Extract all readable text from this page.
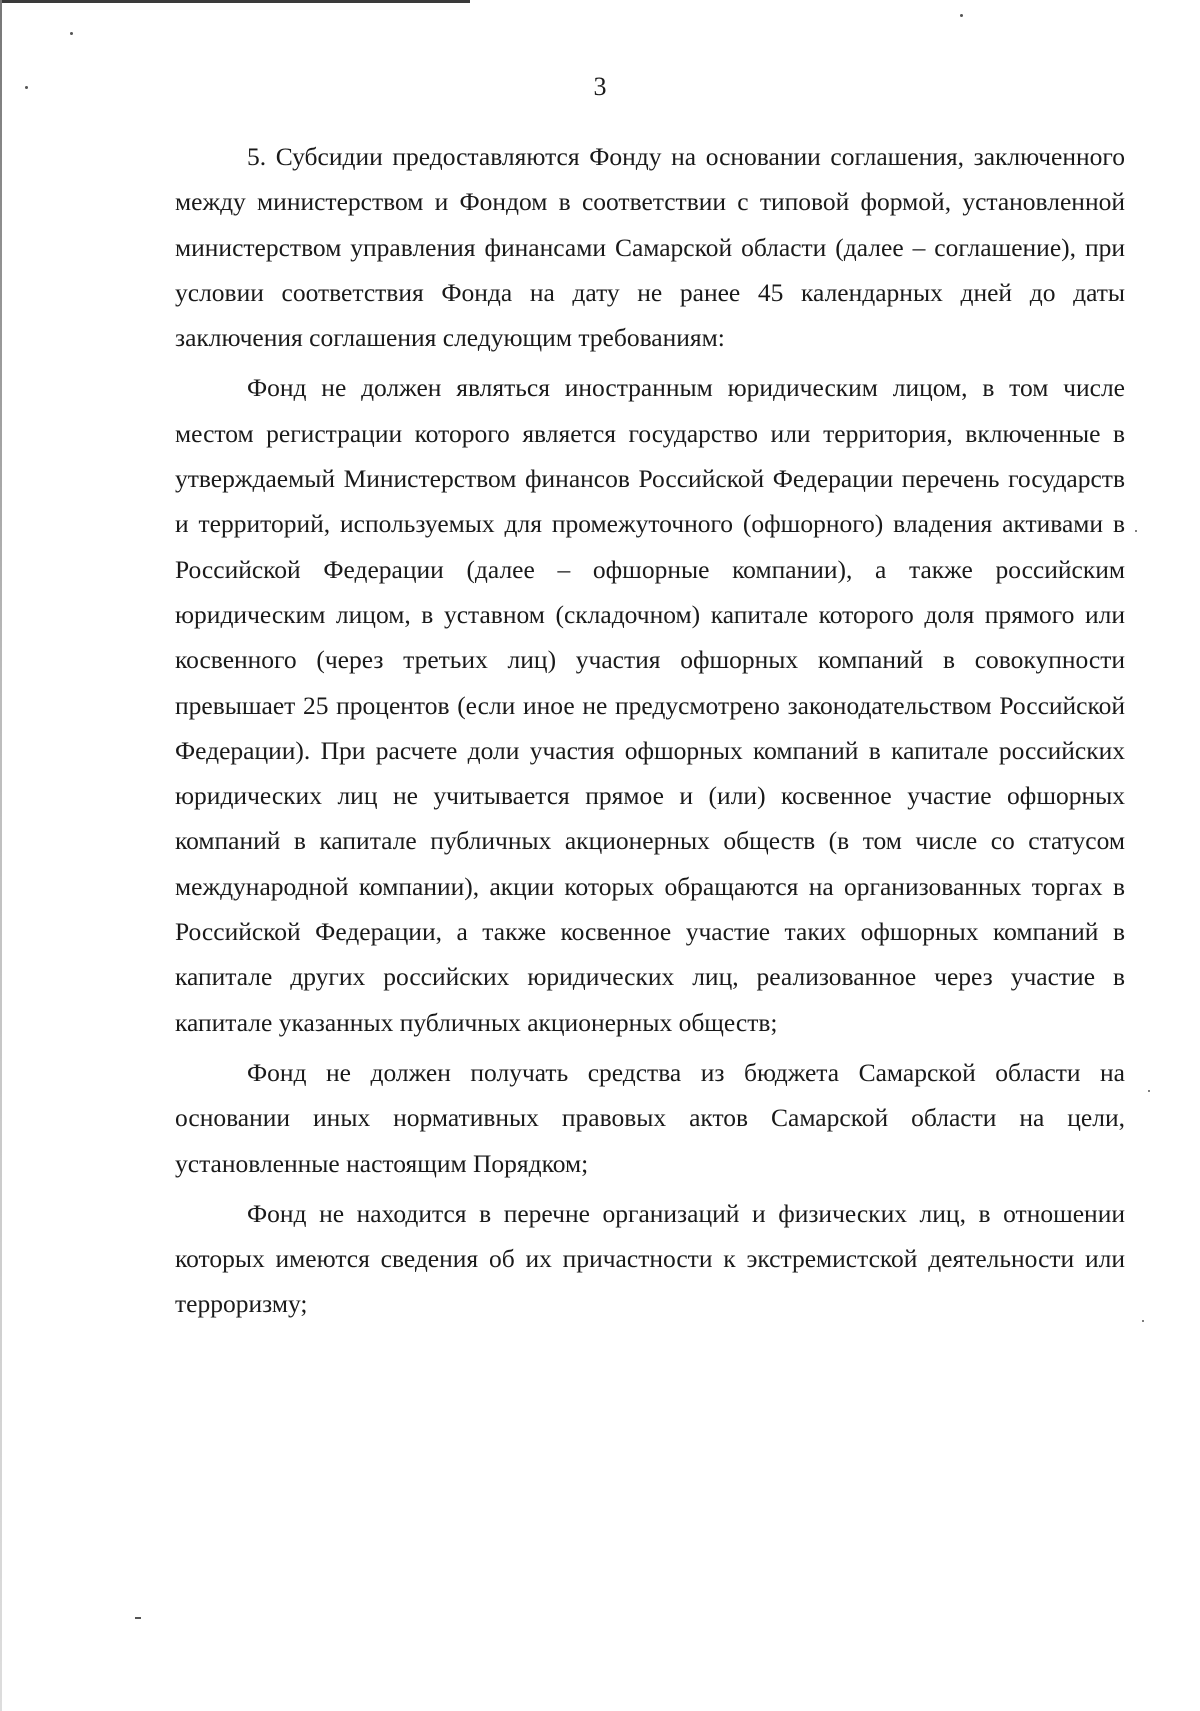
3

5. Субсидии предоставляются Фонду на основании соглашения, заключенного между министерством и Фондом в соответствии с типовой формой, установленной министерством управления финансами Самарской области (далее – соглашение), при условии соответствия Фонда на дату не ранее 45 календарных дней до даты заключения соглашения следующим требованиям:

Фонд не должен являться иностранным юридическим лицом, в том числе местом регистрации которого является государство или территория, включенные в утверждаемый Министерством финансов Российской Федерации перечень государств и территорий, используемых для промежуточного (офшорного) владения активами в Российской Федерации (далее – офшорные компании), а также российским юридическим лицом, в уставном (складочном) капитале которого доля прямого или косвенного (через третьих лиц) участия офшорных компаний в совокупности превышает 25 процентов (если иное не предусмотрено законодательством Российской Федерации). При расчете доли участия офшорных компаний в капитале российских юридических лиц не учитывается прямое и (или) косвенное участие офшорных компаний в капитале публичных акционерных обществ (в том числе со статусом международной компании), акции которых обращаются на организованных торгах в Российской Федерации, а также косвенное участие таких офшорных компаний в капитале других российских юридических лиц, реализованное через участие в капитале указанных публичных акционерных обществ;

Фонд не должен получать средства из бюджета Самарской области на основании иных нормативных правовых актов Самарской области на цели, установленные настоящим Порядком;

Фонд не находится в перечне организаций и физических лиц, в отношении которых имеются сведения об их причастности к экстремистской деятельности или терроризму;
